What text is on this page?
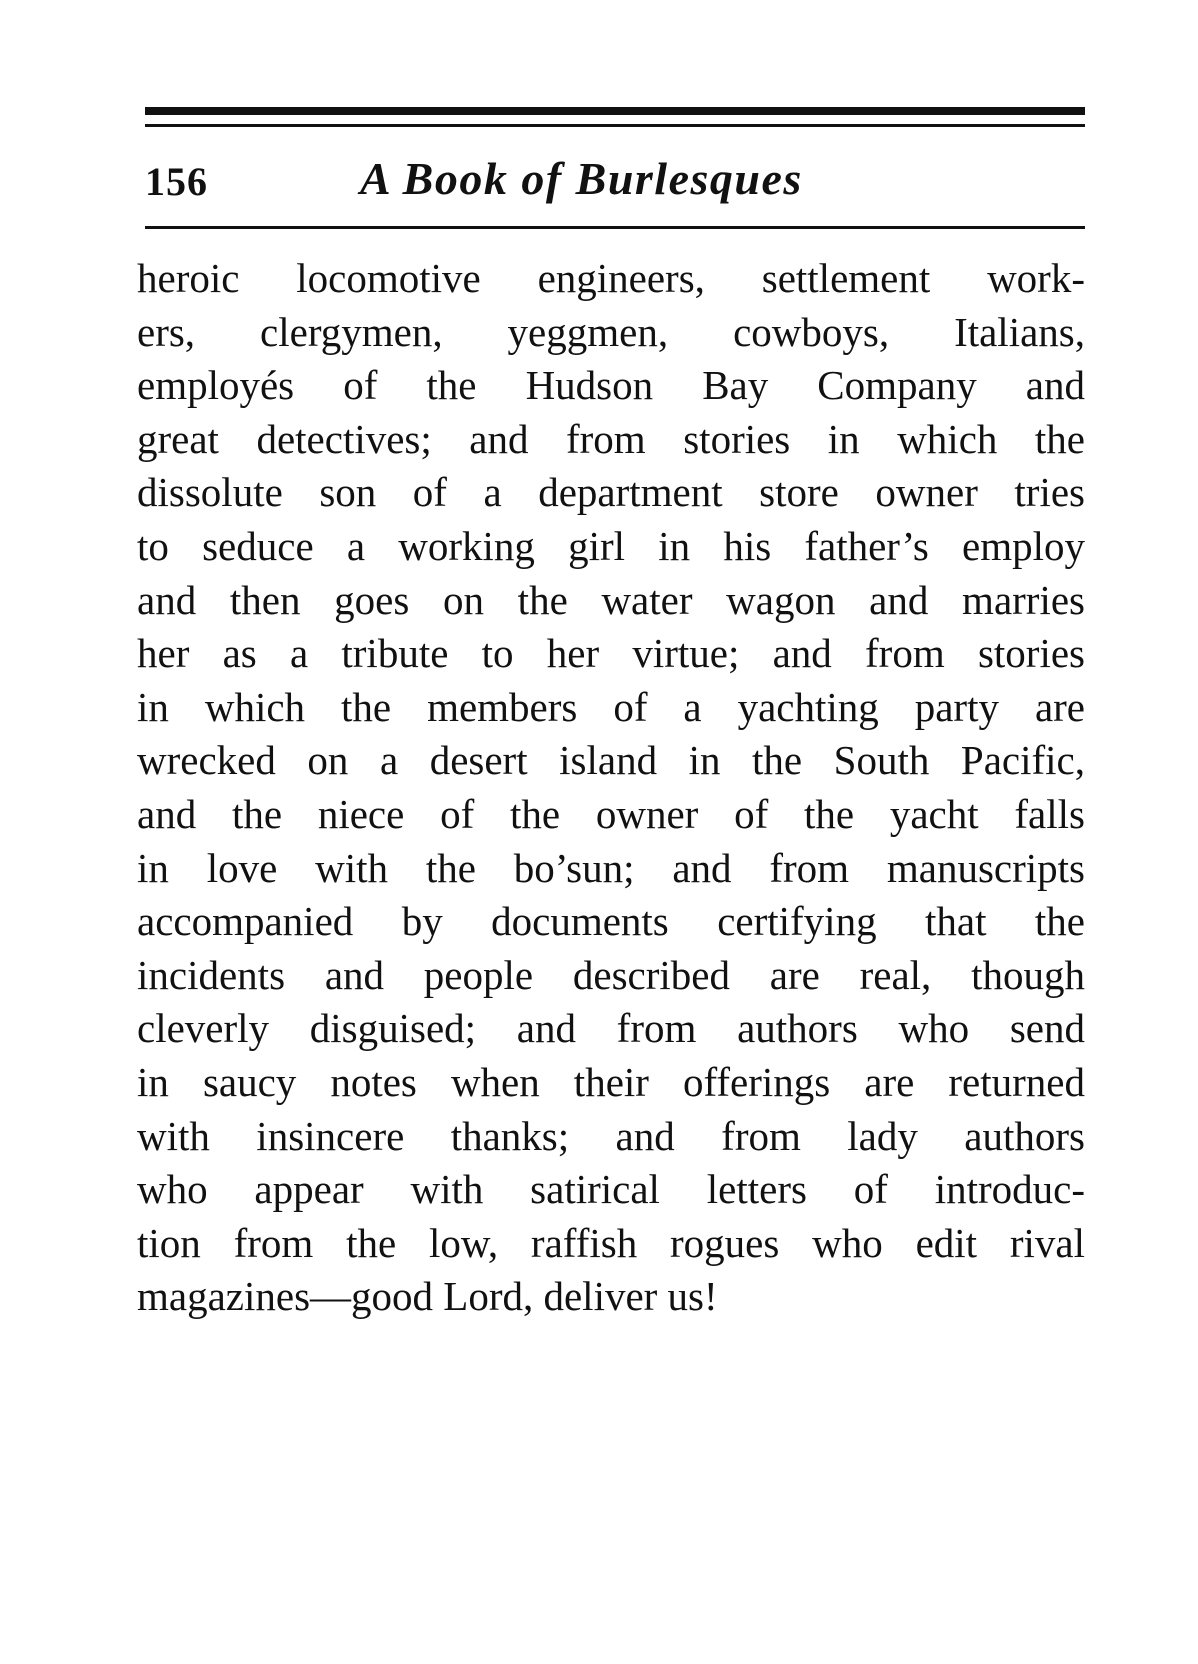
156	A Book of Burlesques
heroic locomotive engineers, settlement work-
ers, clergymen, yeggmen, cowboys, Italians,
employés of the Hudson Bay Company and
great detectives; and from stories in which the
dissolute son of a department store owner tries
to seduce a working girl in his father’s employ
and then goes on the water wagon and marries
her as a tribute to her virtue; and from stories
in which the members of a yachting party are
wrecked on a desert island in the South Pacific,
and the niece of the owner of the yacht falls
in love with the bo’sun; and from manuscripts
accompanied by documents certifying that the
incidents and people described are real, though
cleverly disguised; and from authors who send
in saucy notes when their offerings are returned
with insincere thanks; and from lady authors
who appear with satirical letters of introduc-
tion from the low, raffish rogues who edit rival
magazines—good Lord, deliver us!
